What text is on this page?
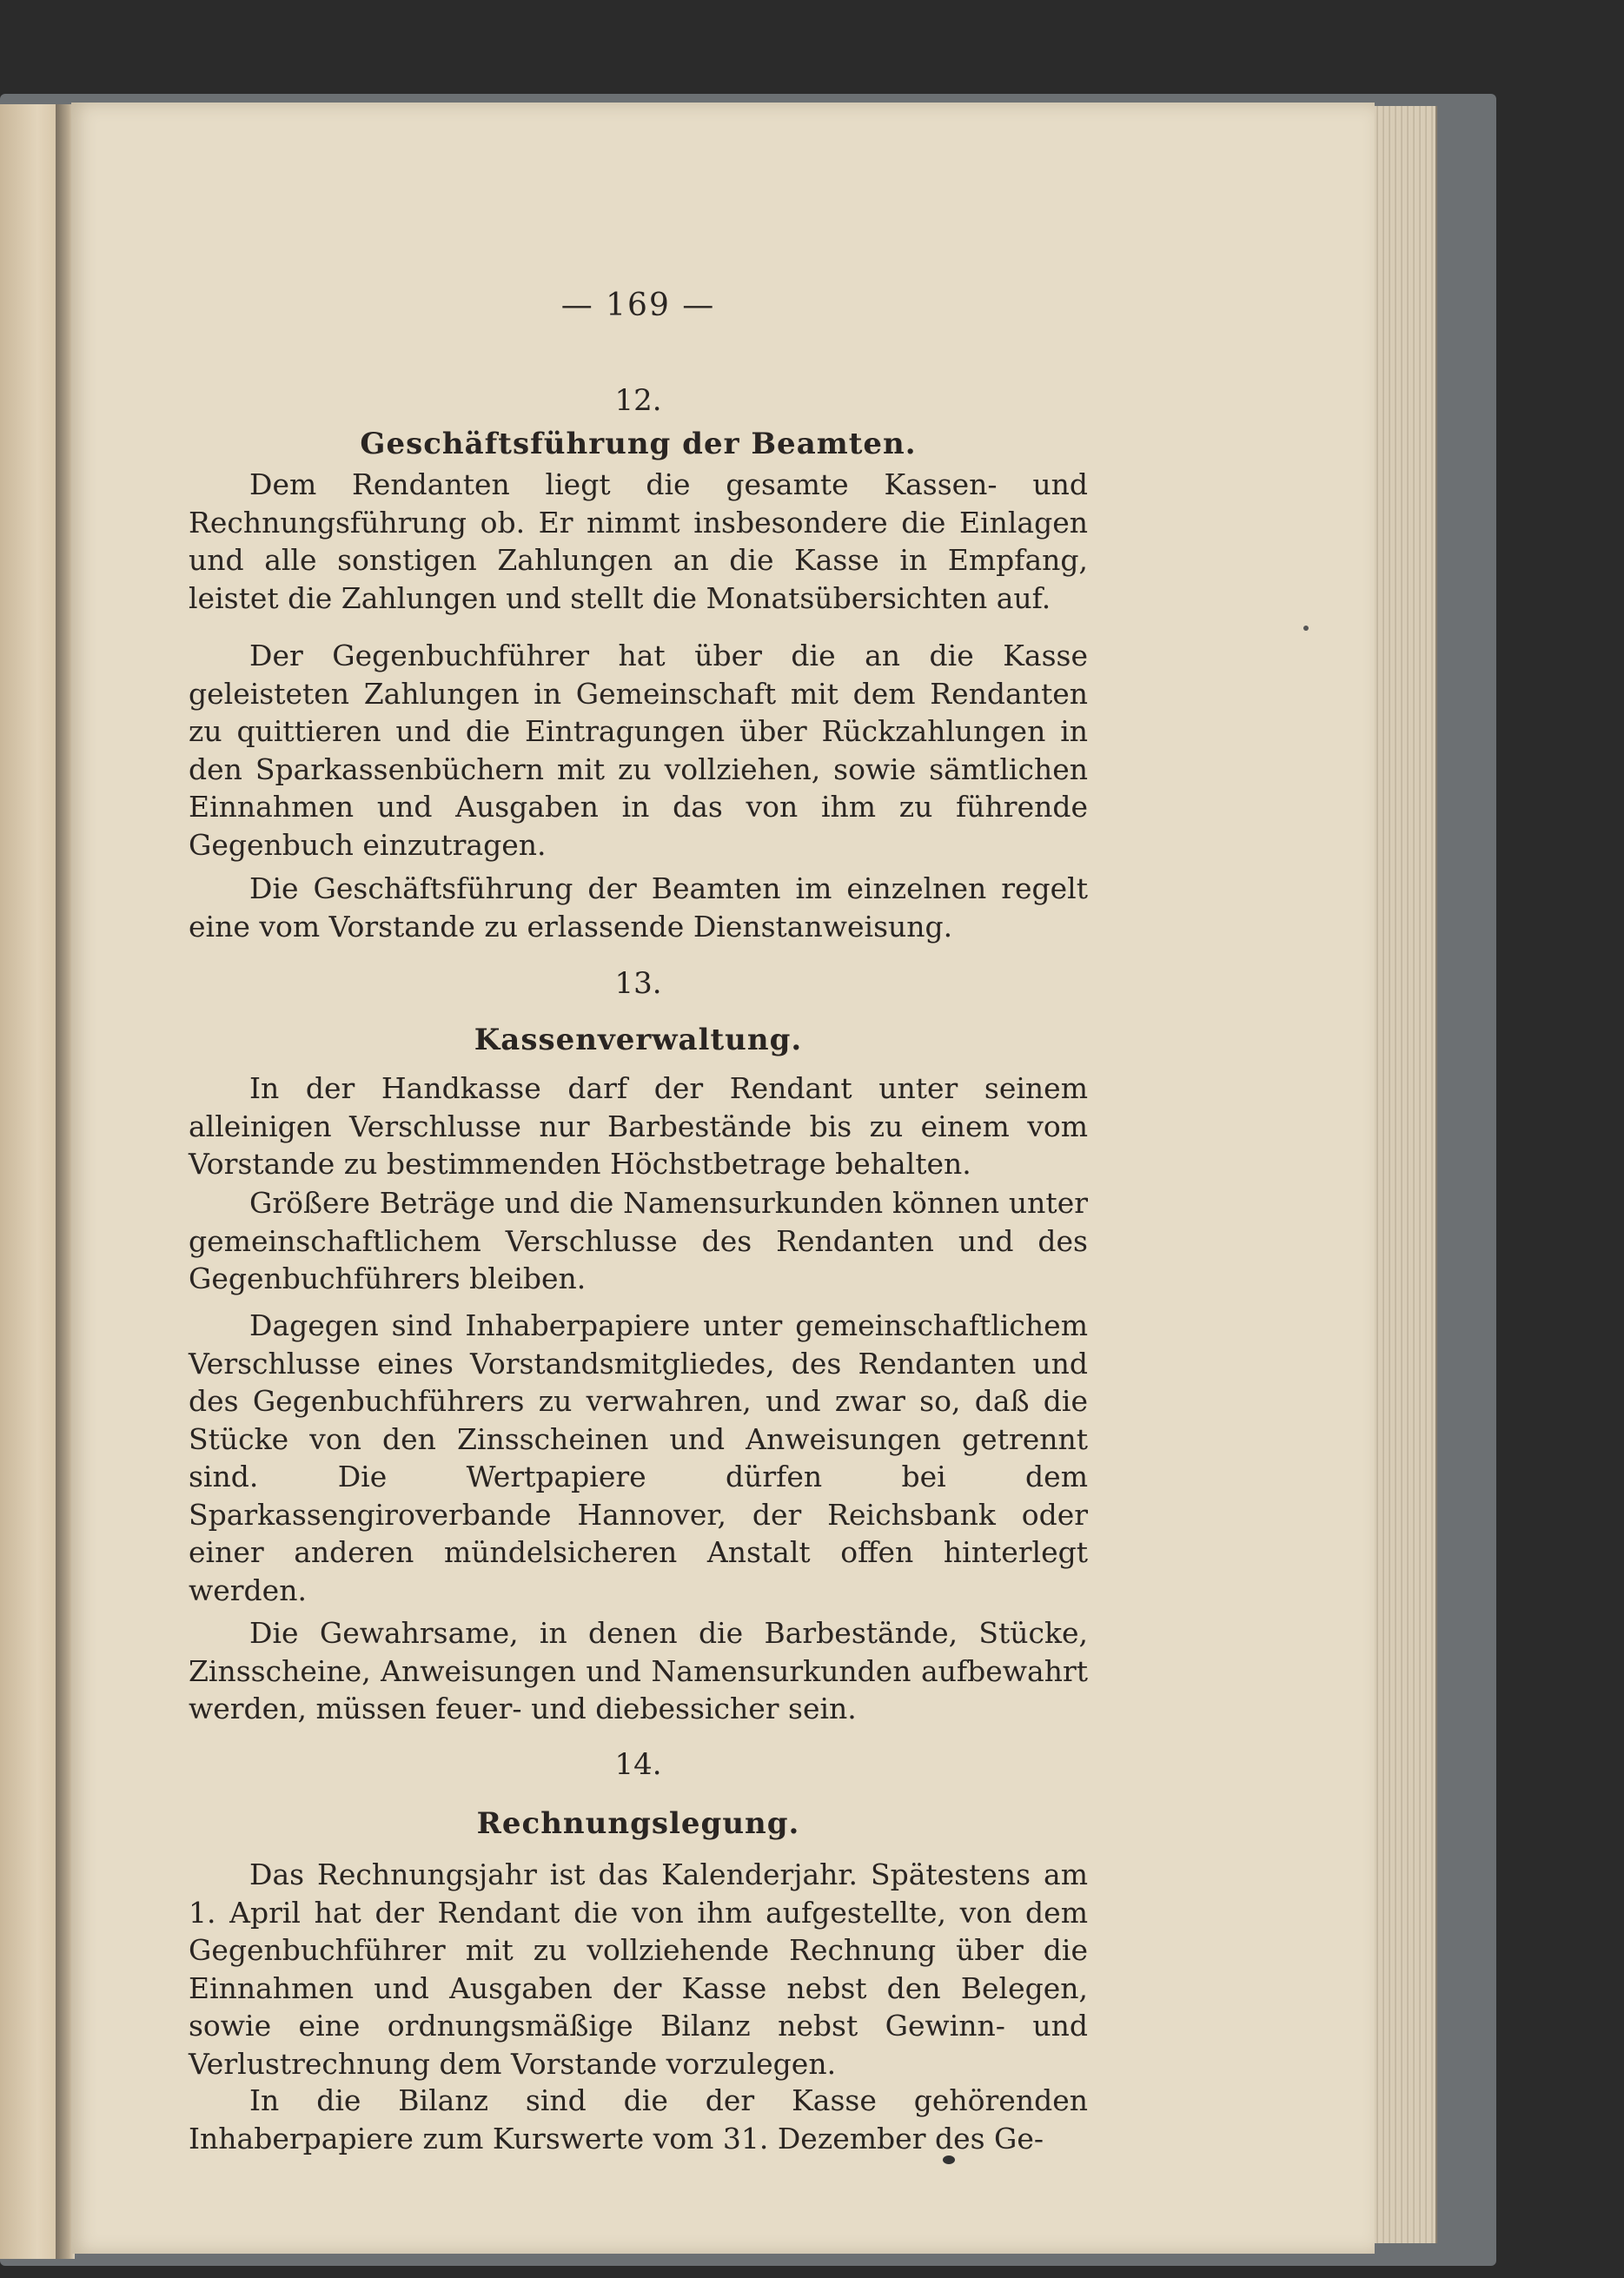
— 169 —
12.
Geschäftsführung der Beamten.

Dem Rendanten liegt die gesamte Kassen- und Rechnungsführung ob. Er nimmt insbesondere die Einlagen und alle sonstigen Zahlungen an die Kasse in Empfang, leistet die Zahlungen und stellt die Monatsübersichten auf.

Der Gegenbuchführer hat über die an die Kasse geleisteten Zahlungen in Gemeinschaft mit dem Rendanten zu quittieren und die Eintragungen über Rückzahlungen in den Sparkassenbüchern mit zu vollziehen, sowie sämtlichen Einnahmen und Ausgaben in das von ihm zu führende Gegenbuch einzutragen.

Die Geschäftsführung der Beamten im einzelnen regelt eine vom Vorstande zu erlassende Dienstanweisung.

13.
Kassenverwaltung.

In der Handkasse darf der Rendant unter seinem alleinigen Verschlusse nur Barbestände bis zu einem vom Vorstande zu bestimmenden Höchstbetrage behalten.

Größere Beträge und die Namensurkunden können unter gemeinschaftlichem Verschlusse des Rendanten und des Gegenbuchführers bleiben.

Dagegen sind Inhaberpapiere unter gemeinschaftlichem Verschlusse eines Vorstandsmitgliedes, des Rendanten und des Gegenbuchführers zu verwahren, und zwar so, daß die Stücke von den Zinsscheinen und Anweisungen getrennt sind. Die Wertpapiere dürfen bei dem Sparkassengiroverbande Hannover, der Reichsbank oder einer anderen mündelsicheren Anstalt offen hinterlegt werden.

Die Gewahrsame, in denen die Barbestände, Stücke, Zinsscheine, Anweisungen und Namensurkunden aufbewahrt werden, müssen feuer- und diebessicher sein.

14.
Rechnungslegung.

Das Rechnungsjahr ist das Kalenderjahr. Spätestens am 1. April hat der Rendant die von ihm aufgestellte, von dem Gegenbuchführer mit zu vollziehende Rechnung über die Einnahmen und Ausgaben der Kasse nebst den Belegen, sowie eine ordnungsmäßige Bilanz nebst Gewinn- und Verlustrechnung dem Vorstande vorzulegen.

In die Bilanz sind die der Kasse gehörenden Inhaberpapiere zum Kurswerte vom 31. Dezember des Ge-
